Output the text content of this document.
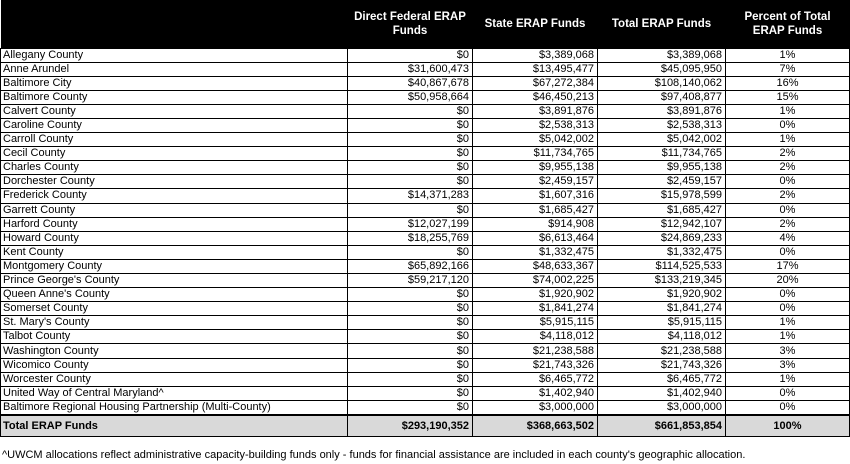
	Direct Federal ERAP Funds	State ERAP Funds	Total ERAP Funds	Percent of Total ERAP Funds
Allegany County	$0	$3,389,068	$3,389,068	1%
Anne Arundel	$31,600,473	$13,495,477	$45,095,950	7%
Baltimore City	$40,867,678	$67,272,384	$108,140,062	16%
Baltimore County	$50,958,664	$46,450,213	$97,408,877	15%
Calvert County	$0	$3,891,876	$3,891,876	1%
Caroline County	$0	$2,538,313	$2,538,313	0%
Carroll County	$0	$5,042,002	$5,042,002	1%
Cecil County	$0	$11,734,765	$11,734,765	2%
Charles County	$0	$9,955,138	$9,955,138	2%
Dorchester County	$0	$2,459,157	$2,459,157	0%
Frederick County	$14,371,283	$1,607,316	$15,978,599	2%
Garrett County	$0	$1,685,427	$1,685,427	0%
Harford County	$12,027,199	$914,908	$12,942,107	2%
Howard County	$18,255,769	$6,613,464	$24,869,233	4%
Kent County	$0	$1,332,475	$1,332,475	0%
Montgomery County	$65,892,166	$48,633,367	$114,525,533	17%
Prince George's County	$59,217,120	$74,002,225	$133,219,345	20%
Queen Anne's County	$0	$1,920,902	$1,920,902	0%
Somerset County	$0	$1,841,274	$1,841,274	0%
St. Mary's County	$0	$5,915,115	$5,915,115	1%
Talbot County	$0	$4,118,012	$4,118,012	1%
Washington County	$0	$21,238,588	$21,238,588	3%
Wicomico County	$0	$21,743,326	$21,743,326	3%
Worcester County	$0	$6,465,772	$6,465,772	1%
United Way of Central Maryland^	$0	$1,402,940	$1,402,940	0%
Baltimore Regional Housing Partnership (Multi-County)	$0	$3,000,000	$3,000,000	0%
Total ERAP Funds	$293,190,352	$368,663,502	$661,853,854	100%
^UWCM allocations reflect administrative capacity-building funds only - funds for financial assistance are included in each county's geographic allocation.
